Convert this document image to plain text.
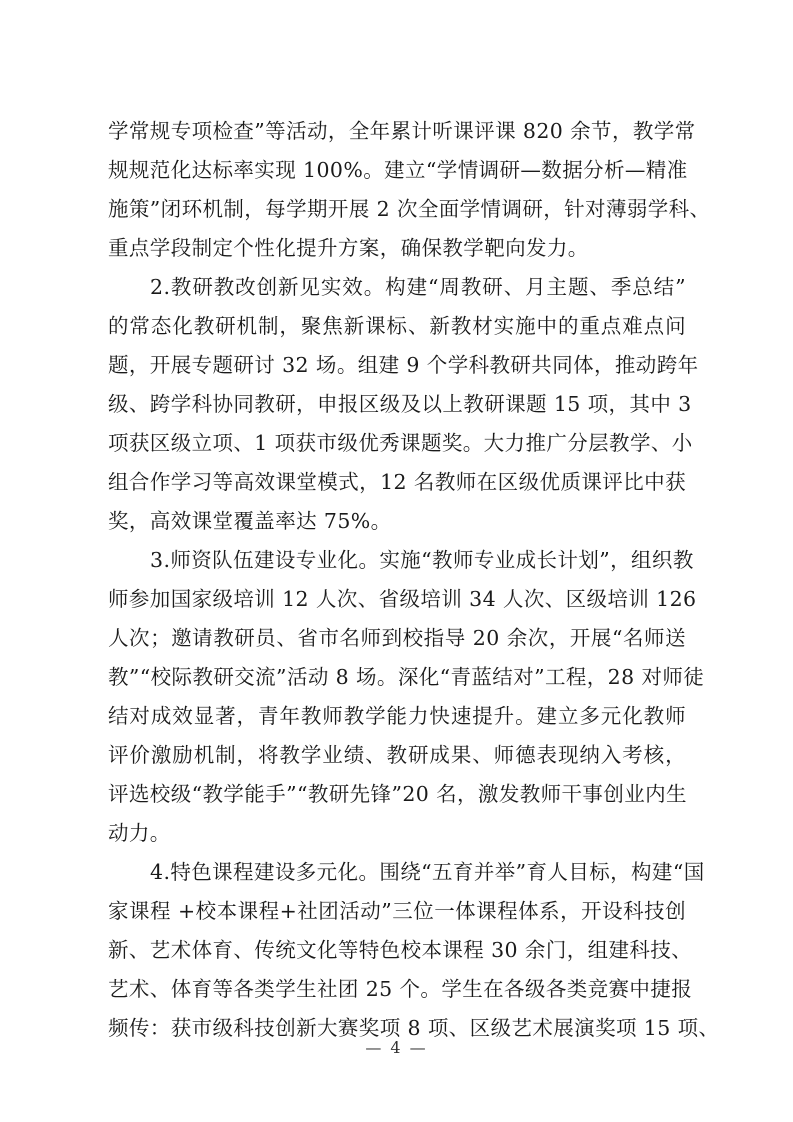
学常规专项检查”等活动，全年累计听课评课 820 余节，教学常
规规范化达标率实现 100%。建立“学情调研—数据分析—精准
施策”闭环机制，每学期开展 2 次全面学情调研，针对薄弱学科、
重点学段制定个性化提升方案，确保教学靶向发力。
2.教研教改创新见实效。构建“周教研、月主题、季总结”
的常态化教研机制，聚焦新课标、新教材实施中的重点难点问
题，开展专题研讨 32 场。组建 9 个学科教研共同体，推动跨年
级、跨学科协同教研，申报区级及以上教研课题 15 项，其中 3
项获区级立项、1 项获市级优秀课题奖。大力推广分层教学、小
组合作学习等高效课堂模式，12 名教师在区级优质课评比中获
奖，高效课堂覆盖率达 75%。
3.师资队伍建设专业化。实施“教师专业成长计划”，组织教
师参加国家级培训 12 人次、省级培训 34 人次、区级培训 126
人次；邀请教研员、省市名师到校指导 20 余次，开展“名师送
教”“校际教研交流”活动 8 场。深化“青蓝结对”工程，28 对师徒
结对成效显著，青年教师教学能力快速提升。建立多元化教师
评价激励机制，将教学业绩、教研成果、师德表现纳入考核，
评选校级“教学能手”“教研先锋”20 名，激发教师干事创业内生
动力。
4.特色课程建设多元化。围绕“五育并举”育人目标，构建“国
家课程 +校本课程+社团活动”三位一体课程体系，开设科技创
新、艺术体育、传统文化等特色校本课程 30 余门，组建科技、
艺术、体育等各类学生社团 25 个。学生在各级各类竞赛中捷报
频传：获市级科技创新大赛奖项 8 项、区级艺术展演奖项 15 项、
— 4 —
